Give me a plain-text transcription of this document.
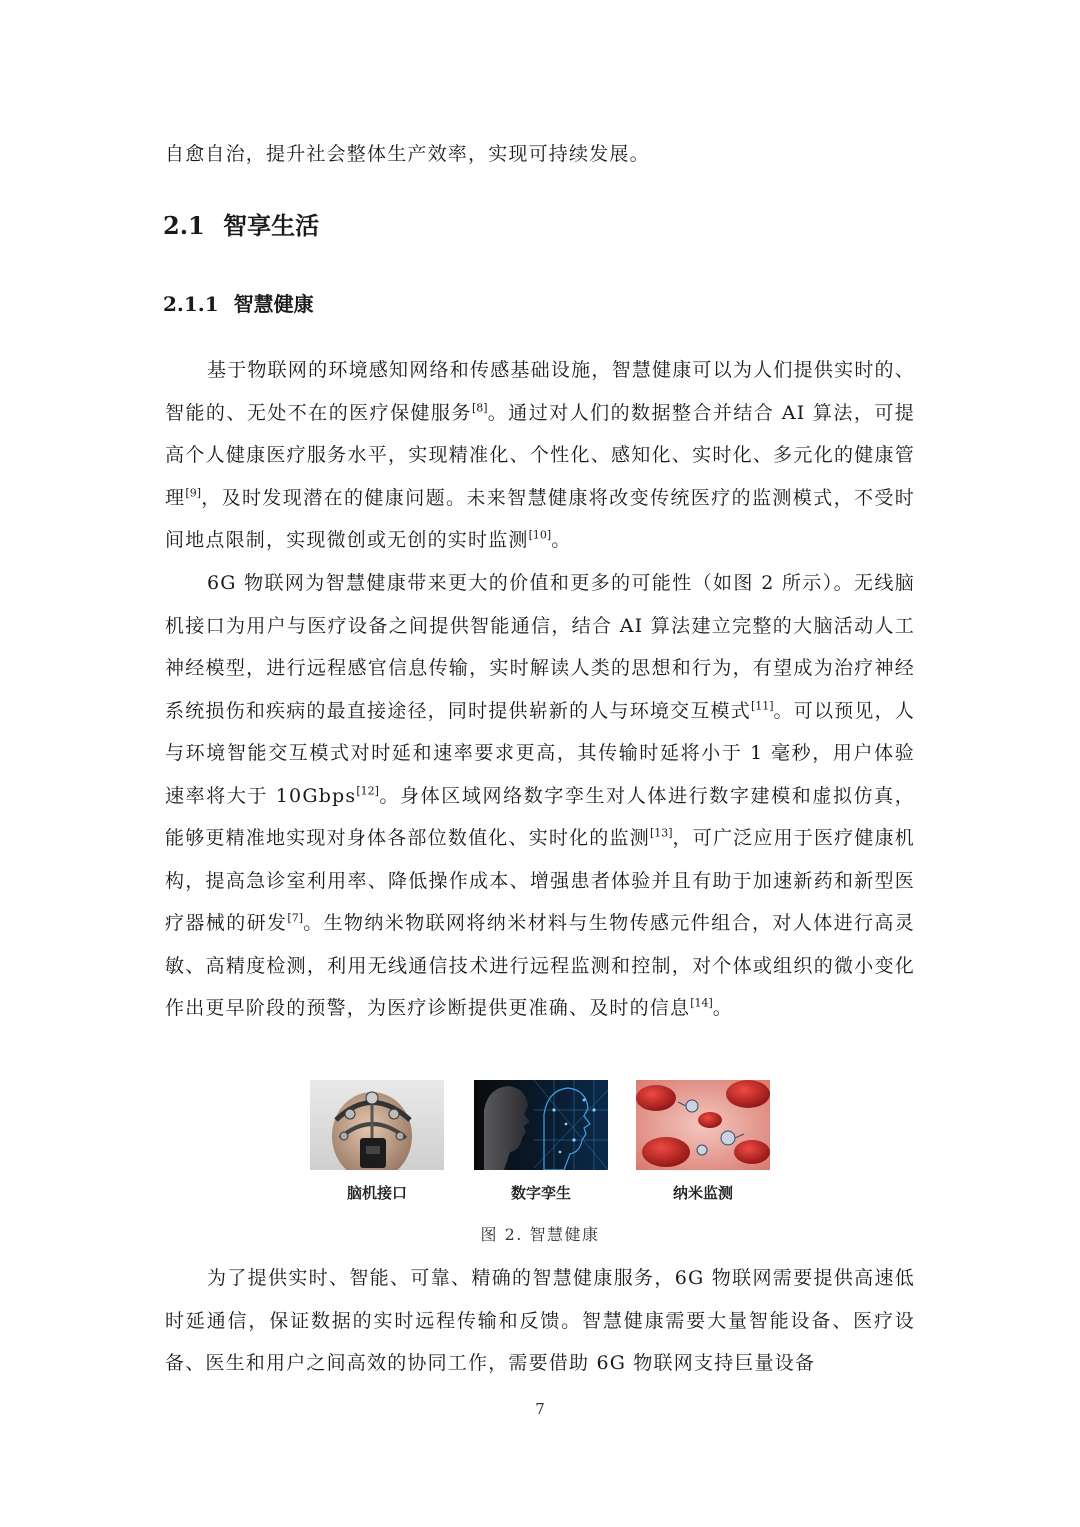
自愈自治，提升社会整体生产效率，实现可持续发展。

2.1 智享生活
2.1.1 智慧健康

基于物联网的环境感知网络和传感基础设施，智慧健康可以为人们提供实时的、智能的、无处不在的医疗保健服务[8]。通过对人们的数据整合并结合 AI 算法，可提高个人健康医疗服务水平，实现精准化、个性化、感知化、实时化、多元化的健康管理[9]，及时发现潜在的健康问题。未来智慧健康将改变传统医疗的监测模式，不受时间地点限制，实现微创或无创的实时监测[10]。

6G 物联网为智慧健康带来更大的价值和更多的可能性（如图 2 所示）。无线脑机接口为用户与医疗设备之间提供智能通信，结合 AI 算法建立完整的大脑活动人工神经模型，进行远程感官信息传输，实时解读人类的思想和行为，有望成为治疗神经系统损伤和疾病的最直接途径，同时提供崭新的人与环境交互模式[11]。可以预见，人与环境智能交互模式对时延和速率要求更高，其传输时延将小于 1 毫秒，用户体验速率将大于 10Gbps[12]。身体区域网络数字孪生对人体进行数字建模和虚拟仿真，能够更精准地实现对身体各部位数值化、实时化的监测[13]，可广泛应用于医疗健康机构，提高急诊室利用率、降低操作成本、增强患者体验并且有助于加速新药和新型医疗器械的研发[7]。生物纳米物联网将纳米材料与生物传感元件组合，对人体进行高灵敏、高精度检测，利用无线通信技术进行远程监测和控制，对个体或组织的微小变化作出更早阶段的预警，为医疗诊断提供更准确、及时的信息[14]。

脑机接口	数字孪生	纳米监测
图 2. 智慧健康

为了提供实时、智能、可靠、精确的智慧健康服务，6G 物联网需要提供高速低时延通信，保证数据的实时远程传输和反馈。智慧健康需要大量智能设备、医疗设备、医生和用户之间高效的协同工作，需要借助 6G 物联网支持巨量设备

7
